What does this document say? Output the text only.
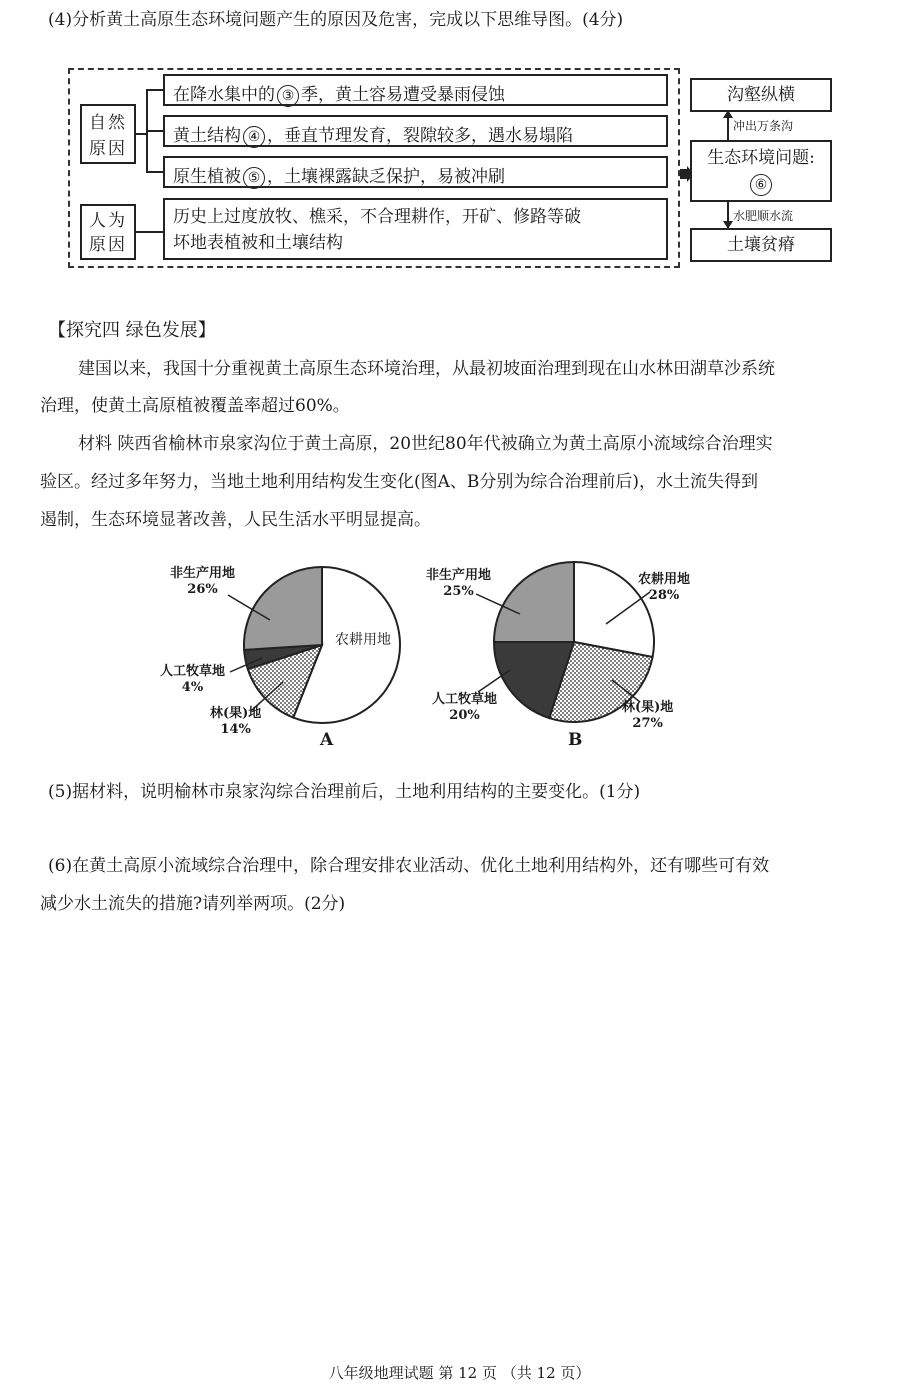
(4)分析黄土高原生态环境问题产生的原因及危害，完成以下思维导图。(4分)
自然
原因
人为
原因
在降水集中的 ③ 季，黄土容易遭受暴雨侵蚀
黄土结构 ④ ，垂直节理发育，裂隙较多，遇水易塌陷
原生植被 ⑤ ，土壤裸露缺乏保护，易被冲刷
历史上过度放牧、樵采，不合理耕作，开矿、修路等破
坏地表植被和土壤结构
沟壑纵横
冲出万条沟
生态环境问题:
⑥
水肥顺水流
土壤贫瘠
【探究四 绿色发展】
建国以来，我国十分重视黄土高原生态环境治理，从最初坡面治理到现在山水林田湖草沙系统
治理，使黄土高原植被覆盖率超过60%。
材料 陕西省榆林市泉家沟位于黄土高原，20世纪80年代被确立为黄土高原小流域综合治理实
验区。经过多年努力，当地土地利用结构发生变化(图A、B分别为综合治理前后)，水土流失得到
遏制，生态环境显著改善，人民生活水平明显提高。
非生产用地
26%
农耕用地
人工牧草地
4%
林(果)地
14%
A
非生产用地
25%
农耕用地
28%
人工牧草地
20%
林(果)地
27%
B
(5)据材料，说明榆林市泉家沟综合治理前后，土地利用结构的主要变化。(1分)
(6)在黄土高原小流域综合治理中，除合理安排农业活动、优化土地利用结构外，还有哪些可有效
减少水土流失的措施?请列举两项。(2分)
八年级地理试题 第 12 页 （共 12 页）
